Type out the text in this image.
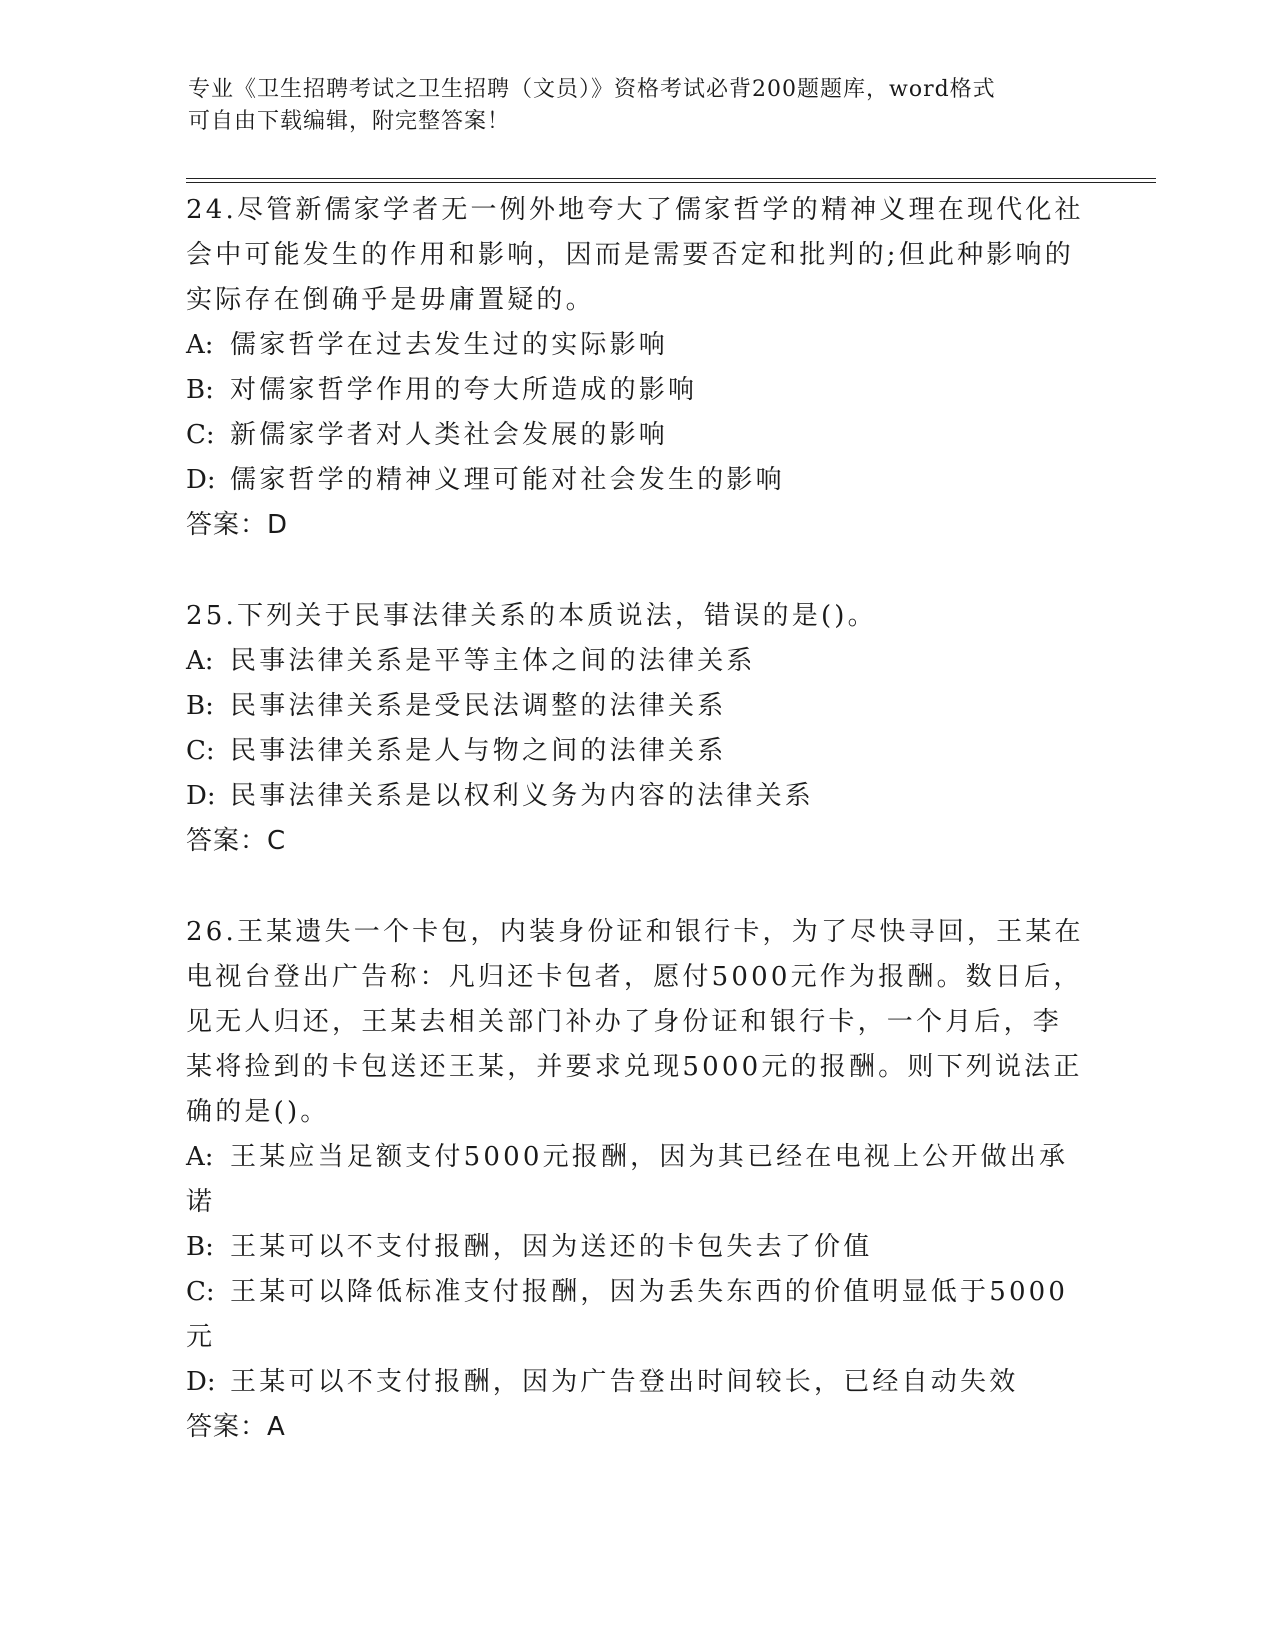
专业《卫生招聘考试之卫生招聘（文员）》资格考试必背200题题库，word格式
可自由下载编辑，附完整答案！
24.尽管新儒家学者无一例外地夸大了儒家哲学的精神义理在现代化社会中可能发生的作用和影响，因而是需要否定和批判的;但此种影响的实际存在倒确乎是毋庸置疑的。
A: 儒家哲学在过去发生过的实际影响
B: 对儒家哲学作用的夸大所造成的影响
C: 新儒家学者对人类社会发展的影响
D: 儒家哲学的精神义理可能对社会发生的影响
答案：D
25.下列关于民事法律关系的本质说法，错误的是()。
A: 民事法律关系是平等主体之间的法律关系
B: 民事法律关系是受民法调整的法律关系
C: 民事法律关系是人与物之间的法律关系
D: 民事法律关系是以权利义务为内容的法律关系
答案：C
26.王某遗失一个卡包，内装身份证和银行卡，为了尽快寻回，王某在电视台登出广告称：凡归还卡包者，愿付5000元作为报酬。数日后，见无人归还，王某去相关部门补办了身份证和银行卡，一个月后，李某将捡到的卡包送还王某，并要求兑现5000元的报酬。则下列说法正确的是()。
A: 王某应当足额支付5000元报酬，因为其已经在电视上公开做出承诺
B: 王某可以不支付报酬，因为送还的卡包失去了价值
C: 王某可以降低标准支付报酬，因为丢失东西的价值明显低于5000元
D: 王某可以不支付报酬，因为广告登出时间较长，已经自动失效
答案：A
